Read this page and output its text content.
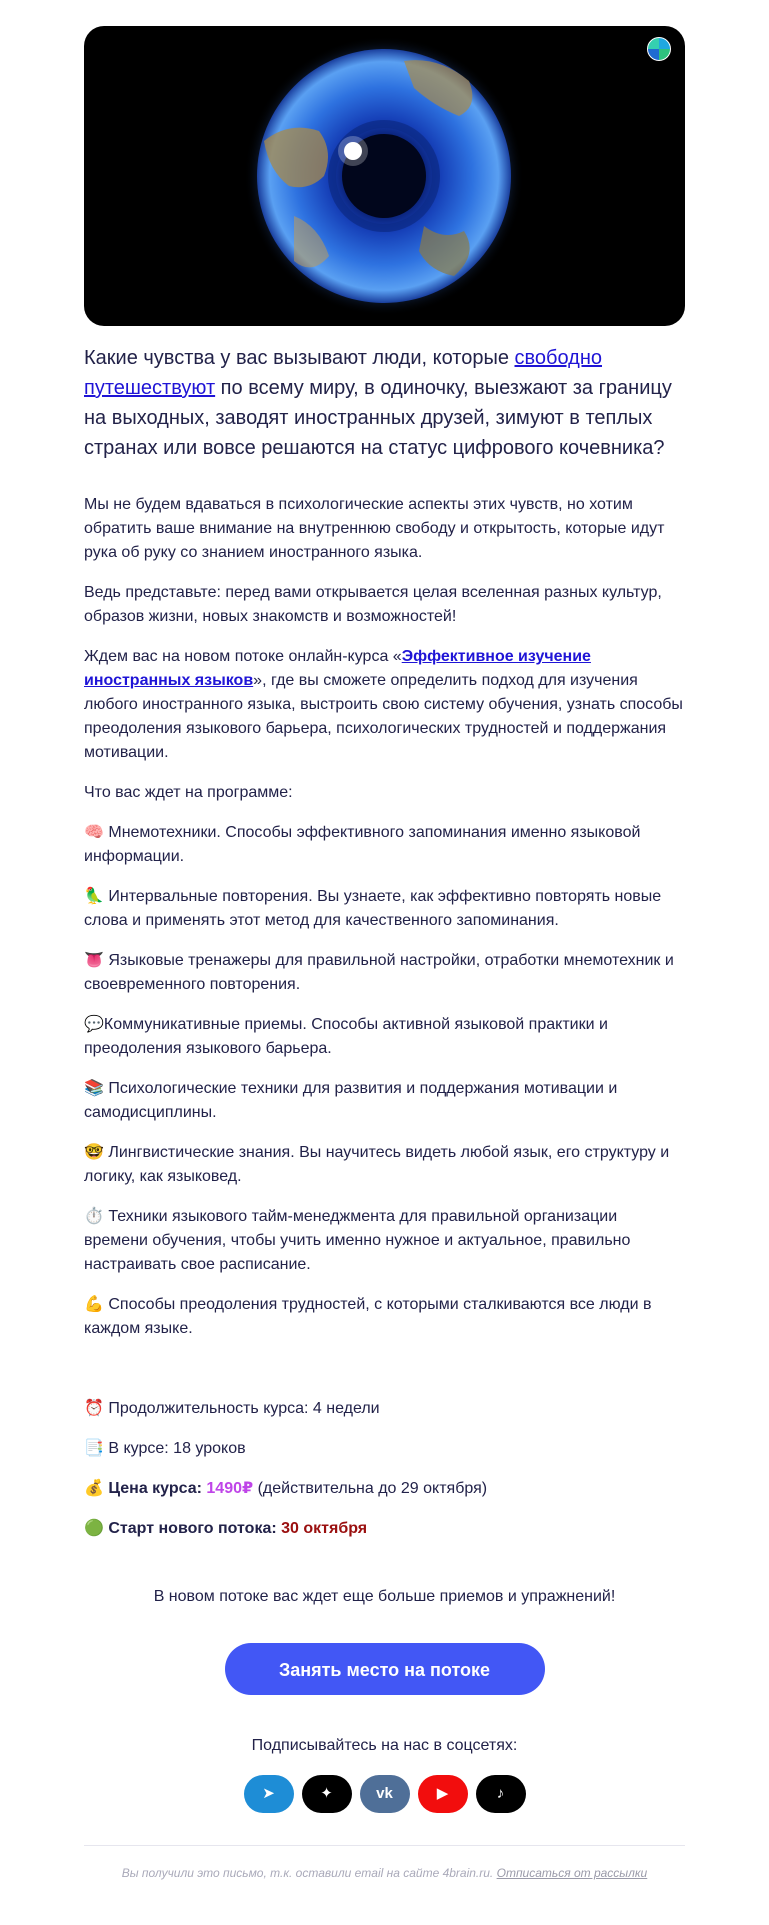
Какие чувства у вас вызывают люди, которые свободно путешествуют по всему миру, в одиночку, выезжают за границу на выходных, заводят иностранных друзей, зимуют в теплых странах или вовсе решаются на статус цифрового кочевника?

Мы не будем вдаваться в психологические аспекты этих чувств, но хотим обратить ваше внимание на внутреннюю свободу и открытость, которые идут рука об руку со знанием иностранного языка.

Ведь представьте: перед вами открывается целая вселенная разных культур, образов жизни, новых знакомств и возможностей!

Ждем вас на новом потоке онлайн-курса «Эффективное изучение иностранных языков», где вы сможете определить подход для изучения любого иностранного языка, выстроить свою систему обучения, узнать способы преодоления языкового барьера, психологических трудностей и поддержания мотивации.

Что вас ждет на программе:

🧠 Мнемотехники. Способы эффективного запоминания именно языковой информации.

🦜 Интервальные повторения. Вы узнаете, как эффективно повторять новые слова и применять этот метод для качественного запоминания.

👅 Языковые тренажеры для правильной настройки, отработки мнемотехник и своевременного повторения.

💬Коммуникативные приемы. Способы активной языковой практики и преодоления языкового барьера.

📚 Психологические техники для развития и поддержания мотивации и самодисциплины.

🤓 Лингвистические знания. Вы научитесь видеть любой язык, его структуру и логику, как языковед.

⏱️ Техники языкового тайм-менеджмента для правильной организации времени обучения, чтобы учить именно нужное и актуальное, правильно настраивать свое расписание.

💪 Способы преодоления трудностей, с которыми сталкиваются все люди в каждом языке.

⏰ Продолжительность курса: 4 недели

📑 В курсе: 18 уроков

💰 Цена курса: 1490₽ (действительна до 29 октября)

🟢 Старт нового потока: 30 октября

В новом потоке вас ждет еще больше приемов и упражнений!
Занять место на потоке
Подписывайтесь на нас в соцсетях:
➤	✦	vk	▶	♪
Вы получили это письмо, т.к. оставили email на сайте 4brain.ru. Отписаться от рассылки
